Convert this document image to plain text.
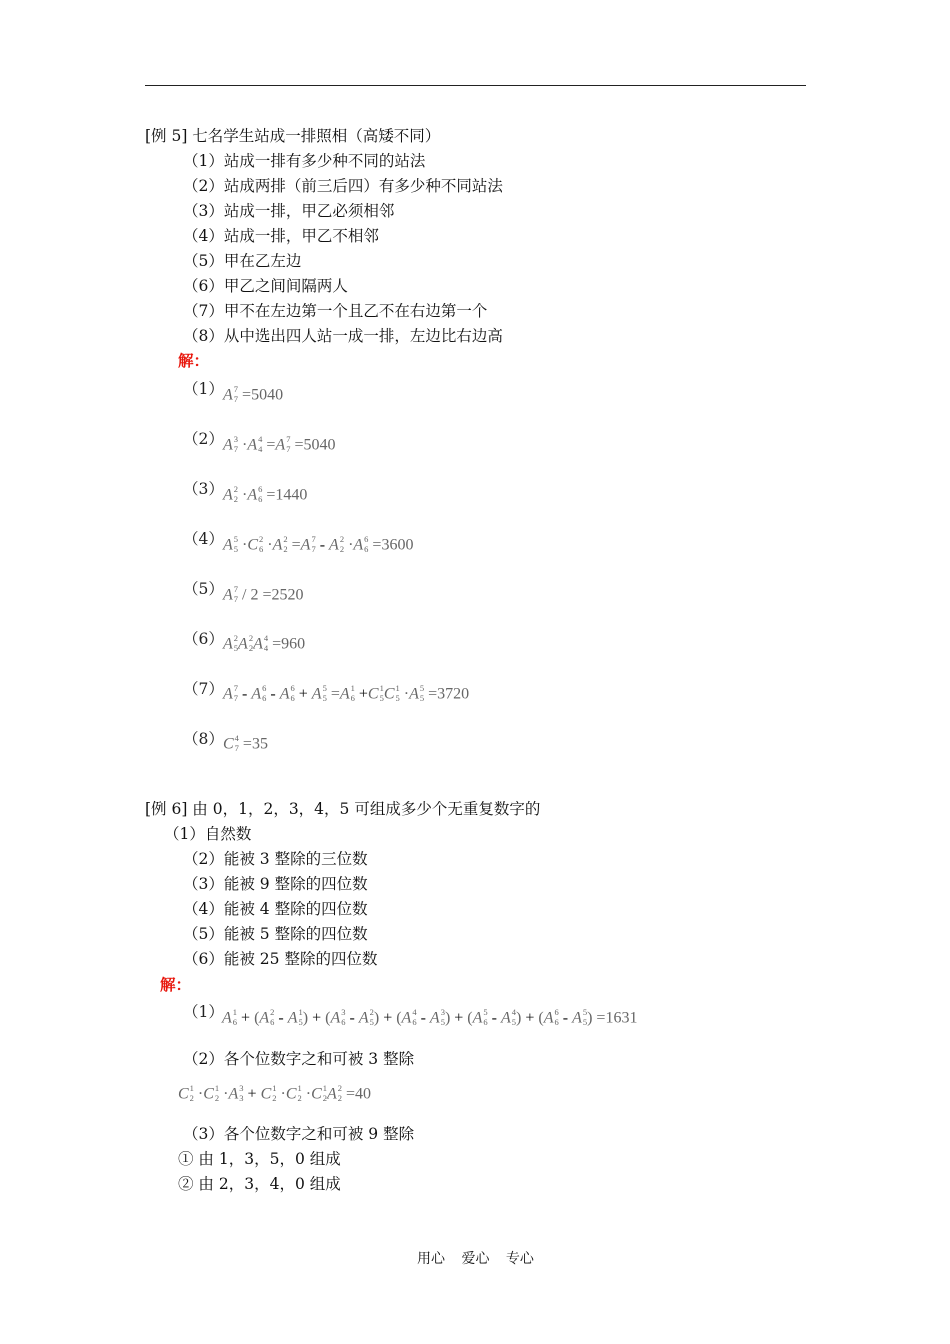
[例 5] 七名学生站成一排照相（高矮不同）
（1）站成一排有多少种不同的站法
（2）站成两排（前三后四）有多少种不同站法
（3）站成一排，甲乙必须相邻
（4）站成一排，甲乙不相邻
（5）甲在乙左边
（6）甲乙之间间隔两人
（7）甲不在左边第一个且乙不在右边第一个
（8）从中选出四人站一成一排，左边比右边高
解：
（1）
（2）
（3）
（4）
（5）
（6）
（7）
（8）
A 7
7 =5040
A 3
7 ·A 4
4 =A 7
7 =5040
A 2
2 ·A 6
6 =1440
A 5
5 ·C 2
6 ·A 2
2 =A 7
7 - A 2
2 ·A 6
6 =3600
A 7
7 / 2 =2520
A 2
5 A 2
2 A 4
4 =960
A 7
7 - A 6
6 - A 6
6 + A 5
5 =A 1
6 +C 1
5 C 1
5 ·A 5
5 =3720
C 4
7 =35
[例 6] 由 0，1，2，3，4，5 可组成多少个无重复数字的
（1）自然数
（2）能被 3 整除的三位数
（3）能被 9 整除的四位数
（4）能被 4 整除的四位数
（5）能被 5 整除的四位数
（6）能被 25 整除的四位数
解：
（1）
A 1
6 + (A 2
6 - A 1
5 ) + (A 3
6 - A 2
5 ) + (A 4
6 - A 3
5 ) + (A 5
6 - A 4
5 ) + (A 6
6 - A 5
5 ) =1631
（2）各个位数字之和可被 3 整除
C 1
2 ·C 1
2 ·A 3
3 + C 1
2 ·C 1
2 ·C 1
2 A 2
2 =40
（3）各个位数字之和可被 9 整除
① 由 1，3，5，0 组成
② 由 2，3，4，0 组成
用心 爱心 专心
